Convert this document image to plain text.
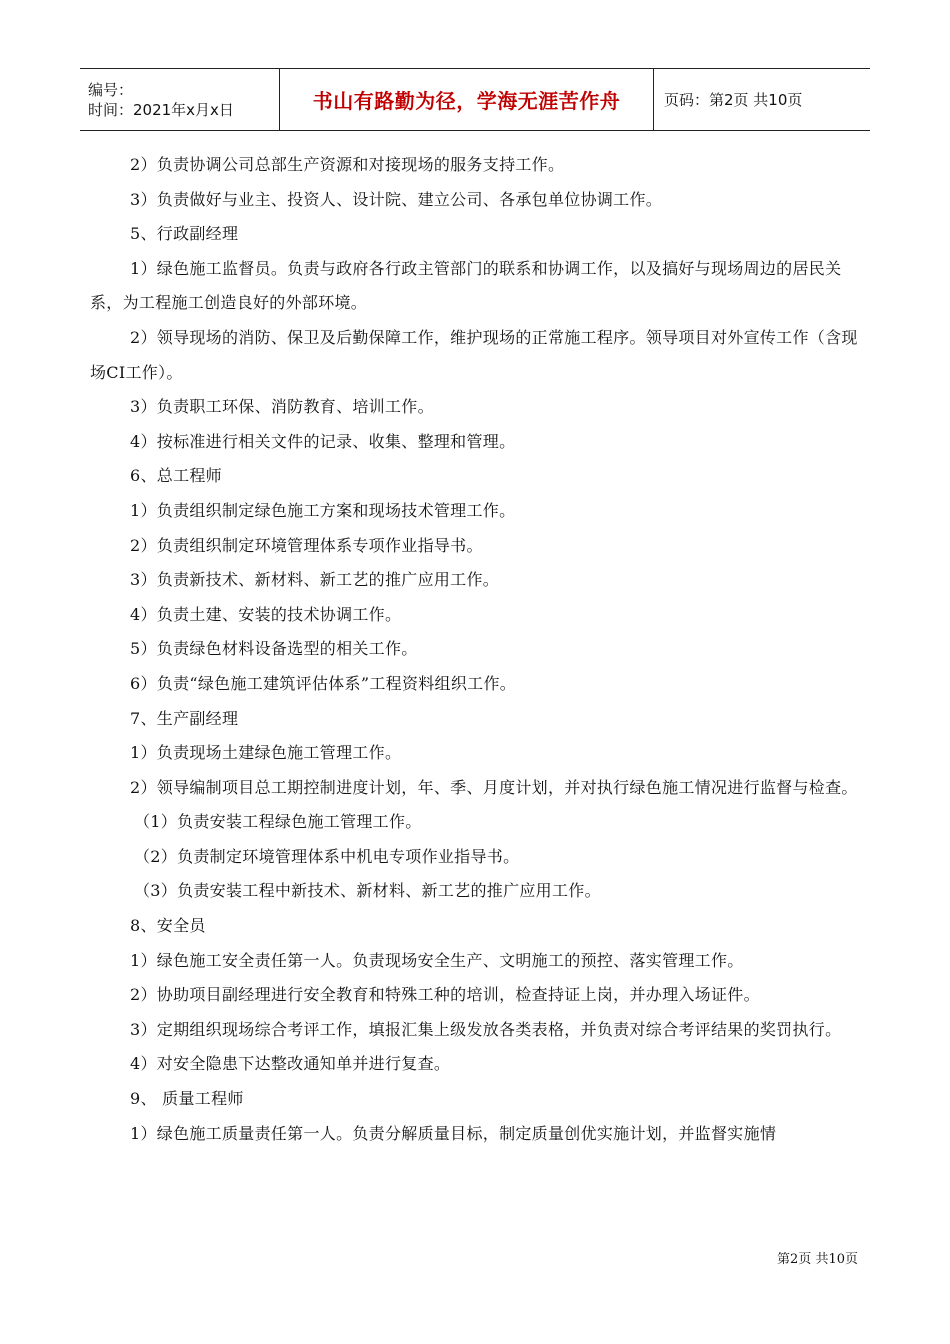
编号：
时间：2021年x月x日	书山有路勤为径，学海无涯苦作舟	页码：第2页 共10页

2）负责协调公司总部生产资源和对接现场的服务支持工作。

3）负责做好与业主、投资人、设计院、建立公司、各承包单位协调工作。

5、行政副经理

1）绿色施工监督员。负责与政府各行政主管部门的联系和协调工作，以及搞好与现场周边的居民关系，为工程施工创造良好的外部环境。

2）领导现场的消防、保卫及后勤保障工作，维护现场的正常施工程序。领导项目对外宣传工作（含现场CI工作）。

3）负责职工环保、消防教育、培训工作。

4）按标准进行相关文件的记录、收集、整理和管理。

6、总工程师

1）负责组织制定绿色施工方案和现场技术管理工作。

2）负责组织制定环境管理体系专项作业指导书。

3）负责新技术、新材料、新工艺的推广应用工作。

4）负责土建、安装的技术协调工作。

5）负责绿色材料设备选型的相关工作。

6）负责“绿色施工建筑评估体系”工程资料组织工作。

7、生产副经理

1）负责现场土建绿色施工管理工作。

2）领导编制项目总工期控制进度计划，年、季、月度计划，并对执行绿色施工情况进行监督与检查。

（1）负责安装工程绿色施工管理工作。

（2）负责制定环境管理体系中机电专项作业指导书。

（3）负责安装工程中新技术、新材料、新工艺的推广应用工作。

8、安全员

1）绿色施工安全责任第一人。负责现场安全生产、文明施工的预控、落实管理工作。

2）协助项目副经理进行安全教育和特殊工种的培训，检查持证上岗，并办理入场证件。

3）定期组织现场综合考评工作，填报汇集上级发放各类表格，并负责对综合考评结果的奖罚执行。

4）对安全隐患下达整改通知单并进行复查。

9、 质量工程师

1）绿色施工质量责任第一人。负责分解质量目标，制定质量创优实施计划，并监督实施情

第2页 共10页
